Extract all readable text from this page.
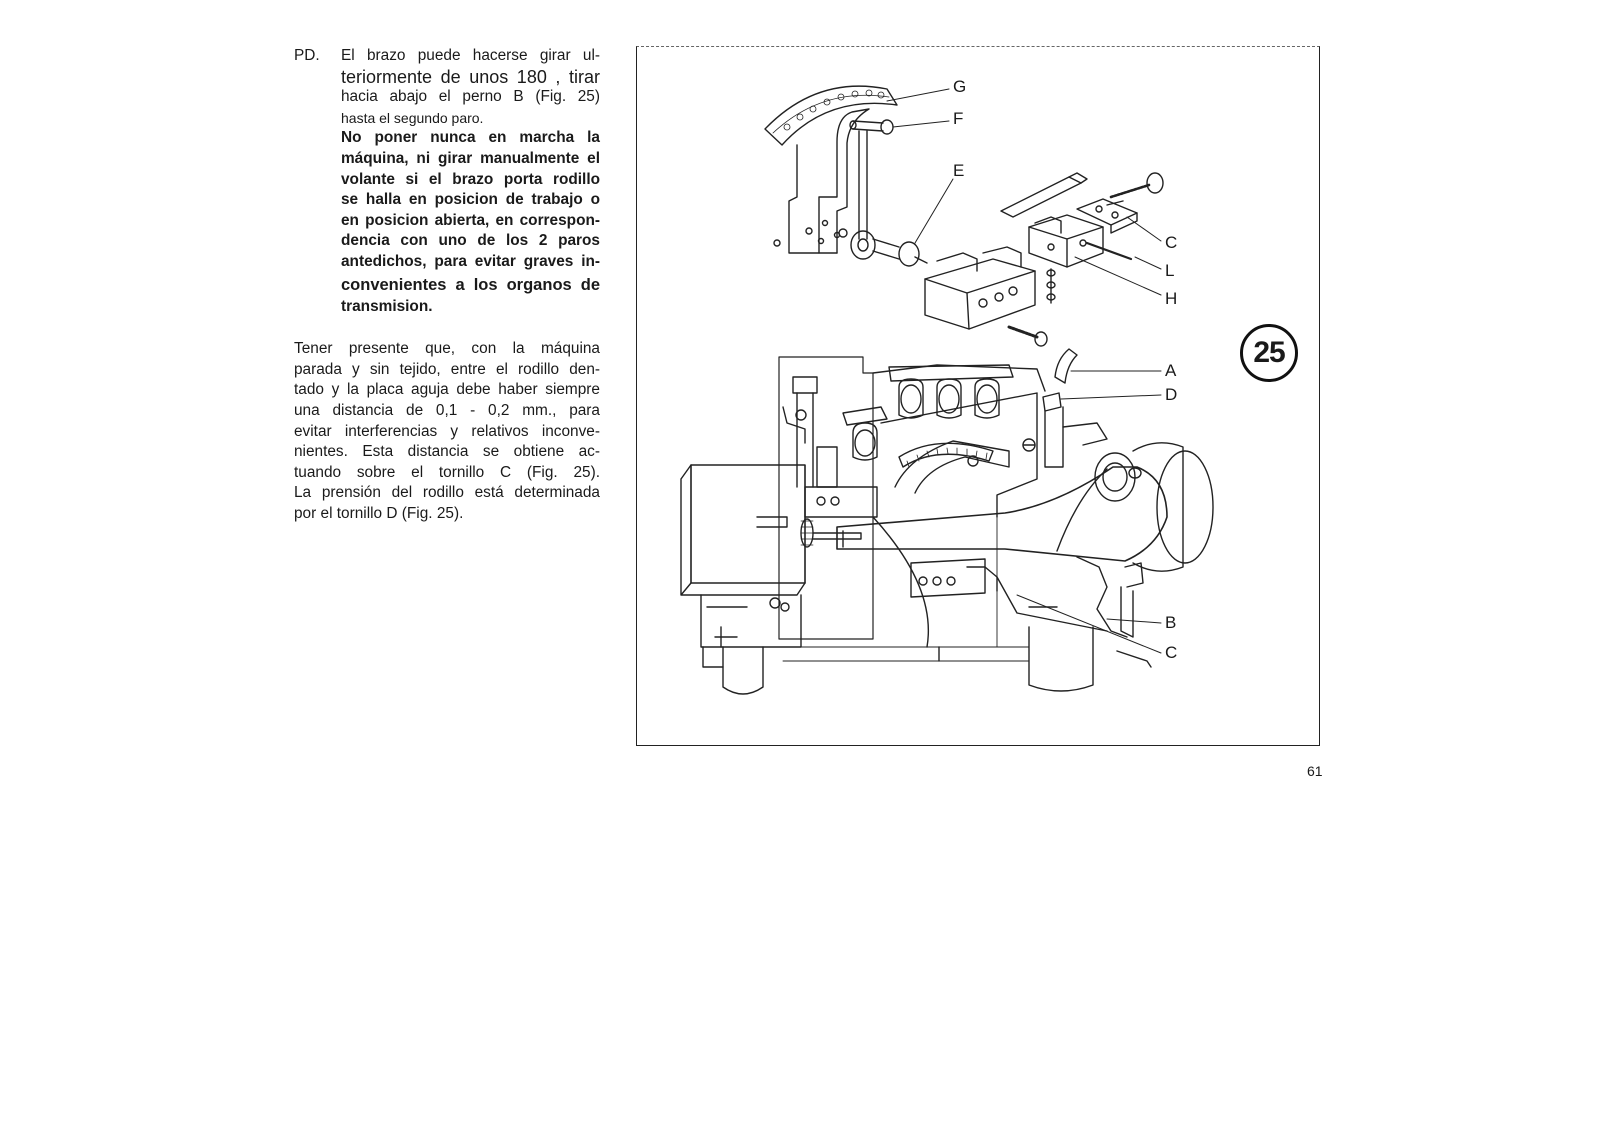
PD.	El brazo puede hacerse girar ul-
teriormente de unos 180 , tirar
hacia abajo el perno B (Fig. 25)
hasta el segundo paro.
No poner nunca en marcha la
máquina, ni girar manualmente el
volante si el brazo porta rodillo
se halla en posicion de trabajo o
en posicion abierta, en correspon-
dencia con uno de los 2 paros
antedichos, para evitar graves in-
convenientes a los organos de
transmision.
Tener presente que, con la máquina
parada y sin tejido, entre el rodillo den-
tado y la placa aguja debe haber siempre
una distancia de 0,1 - 0,2 mm., para
evitar interferencias y relativos inconve-
nientes. Esta distancia se obtiene ac-
tuando sobre el tornillo C (Fig. 25).
La prensión del rodillo está determinada
por el tornillo D (Fig. 25).
G
F
E
C
L
H
A
D
B
C
25
61
